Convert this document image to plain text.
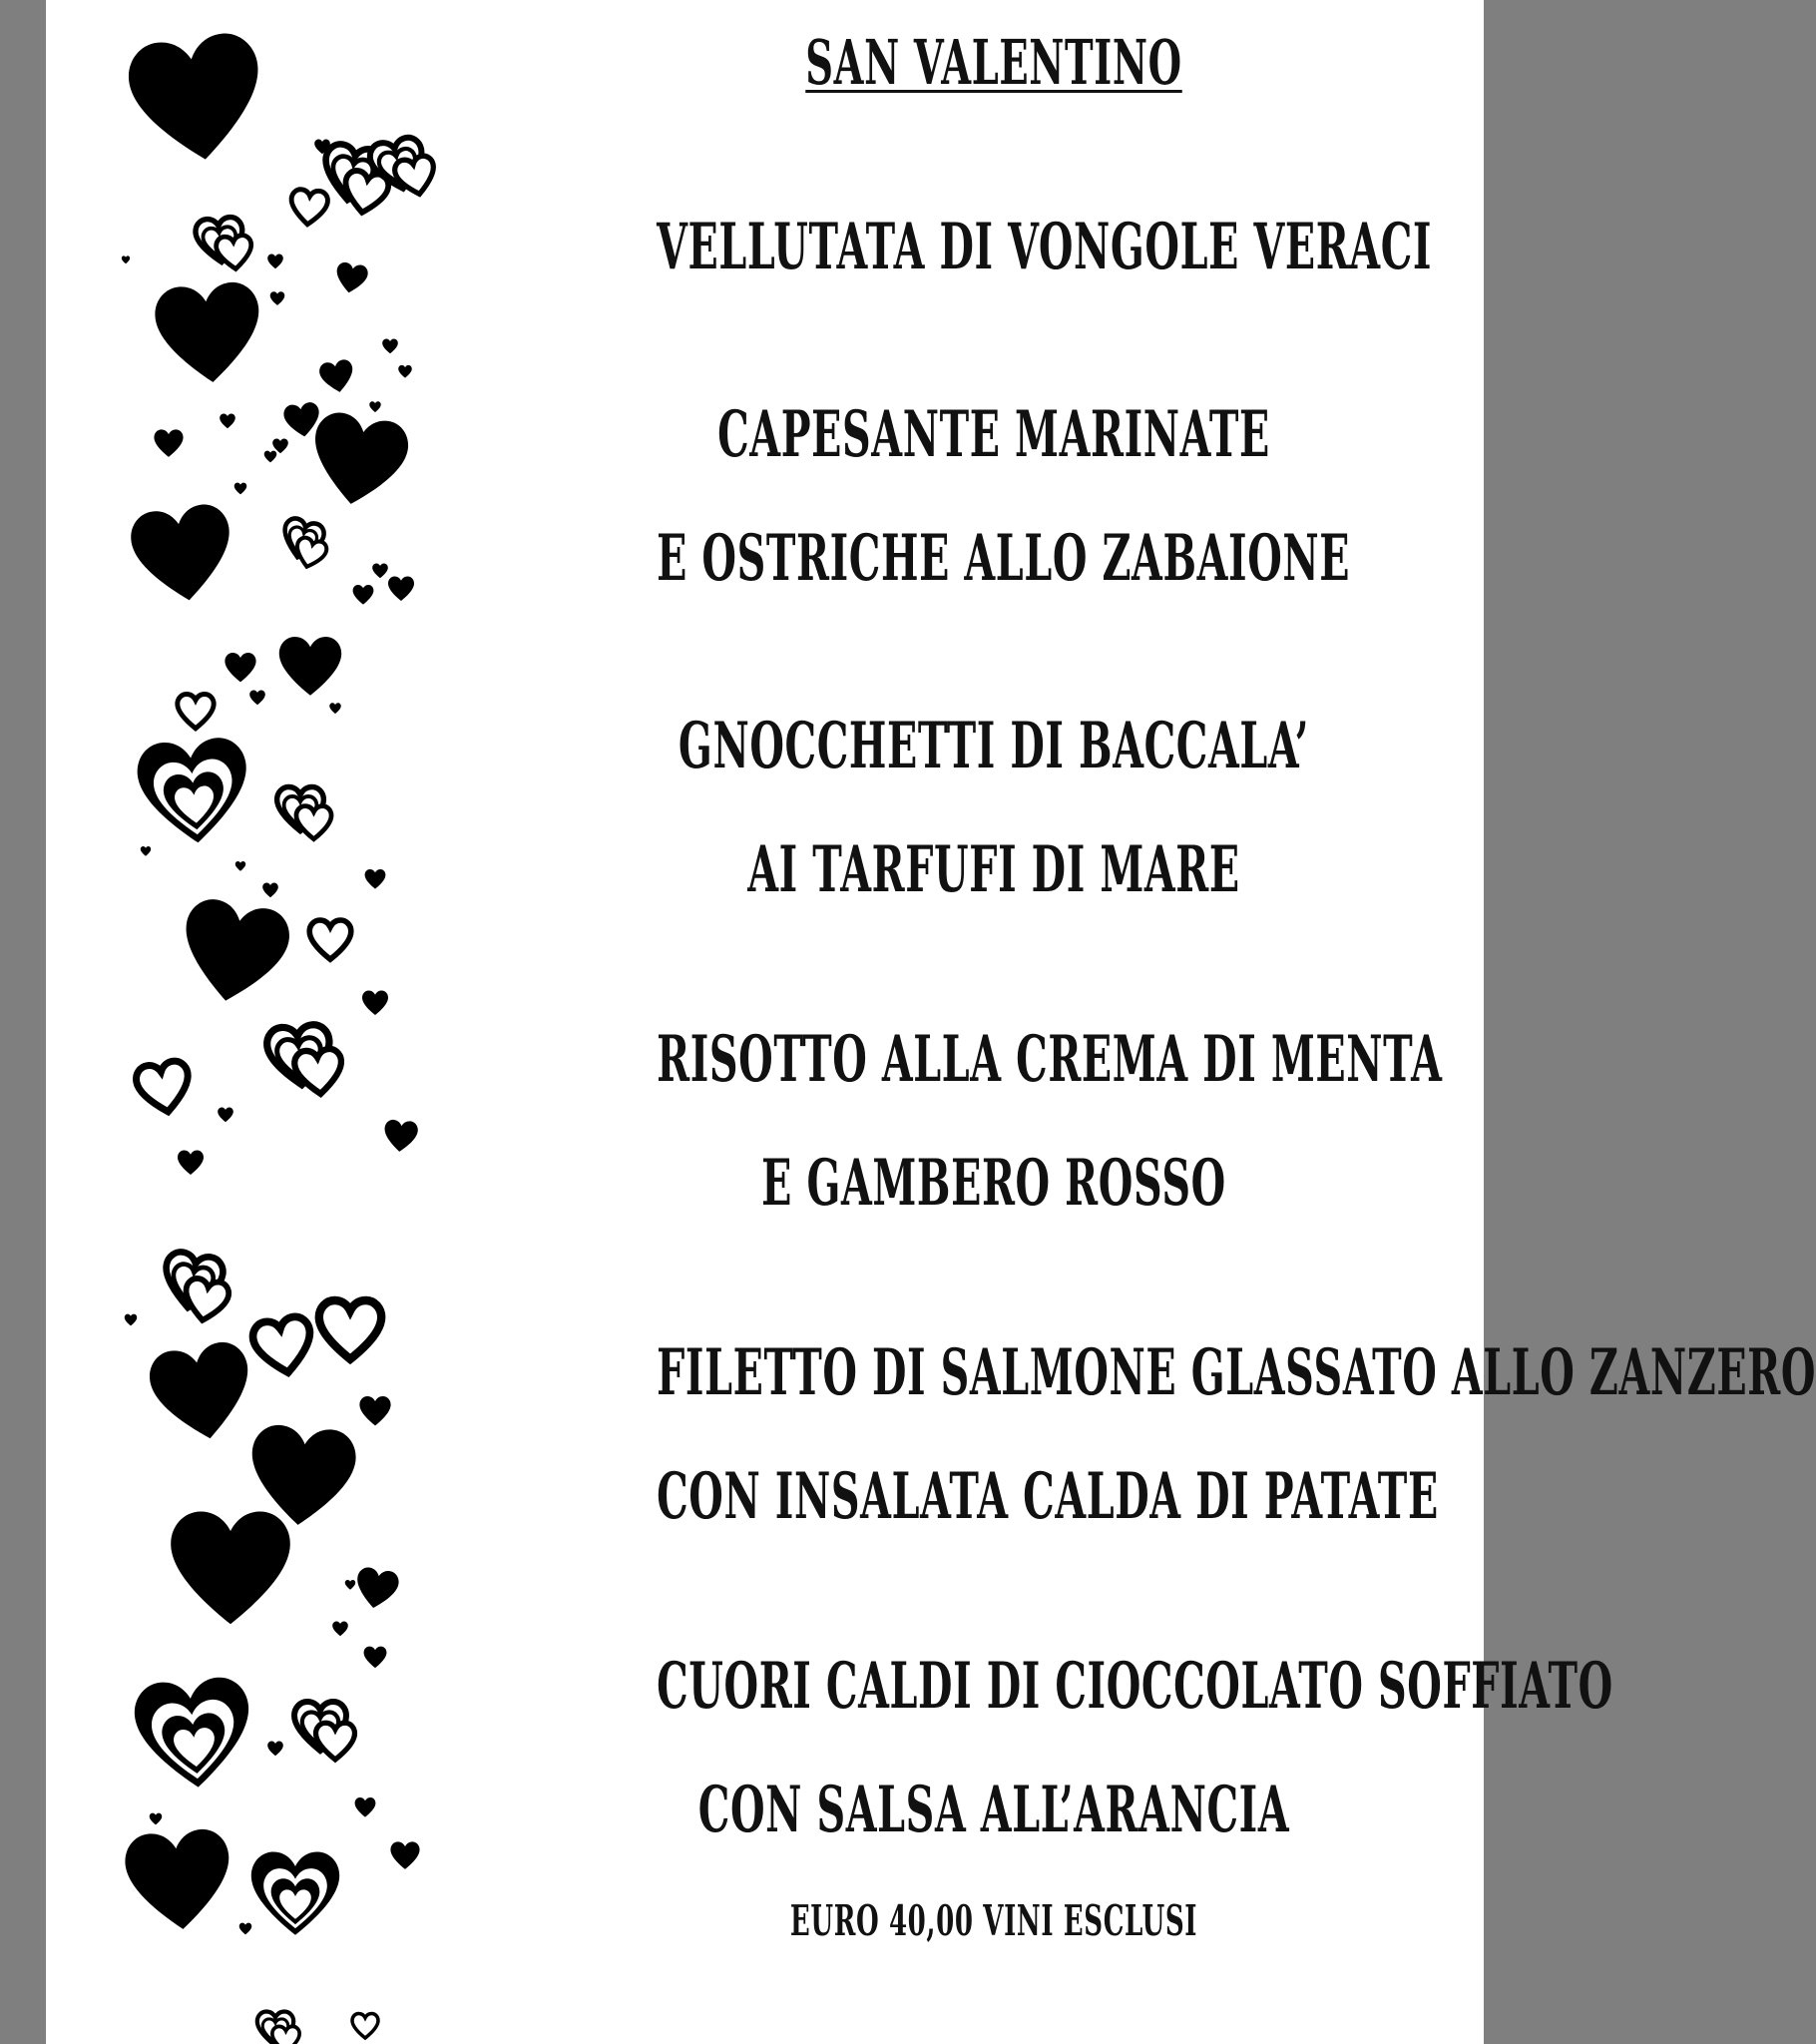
SAN VALENTINO
VELLUTATA DI VONGOLE VERACI
CAPESANTE MARINATE
E OSTRICHE ALLO ZABAIONE
GNOCCHETTI DI BACCALA’
AI TARFUFI DI MARE
RISOTTO ALLA CREMA DI MENTA
E GAMBERO ROSSO
FILETTO DI SALMONE GLASSATO ALLO ZANZERO
CON INSALATA CALDA DI PATATE
CUORI CALDI DI CIOCCOLATO SOFFIATO
CON SALSA ALL’ARANCIA
EURO 40,00 VINI ESCLUSI
